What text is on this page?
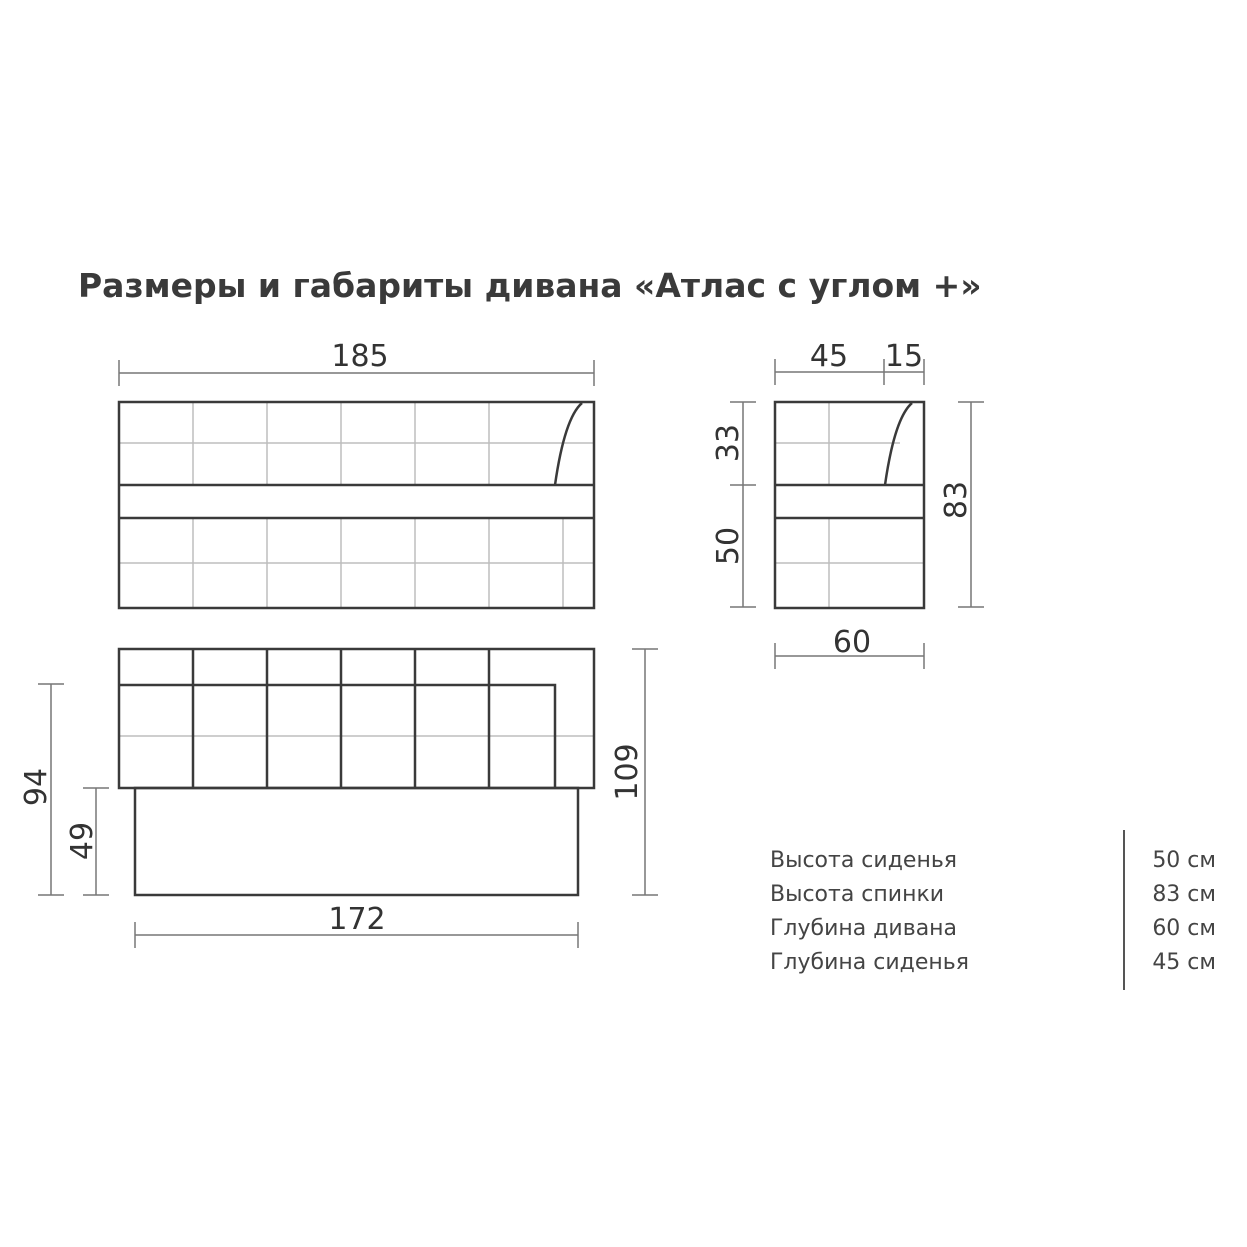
Размеры и габариты дивана «Атлас с углом +»
185	45 15
33
50
83
60
94
49
109
172
Высота сиденья	50 см
Высота спинки	83 см
Глубина дивана	60 см
Глубина сиденья	45 см
